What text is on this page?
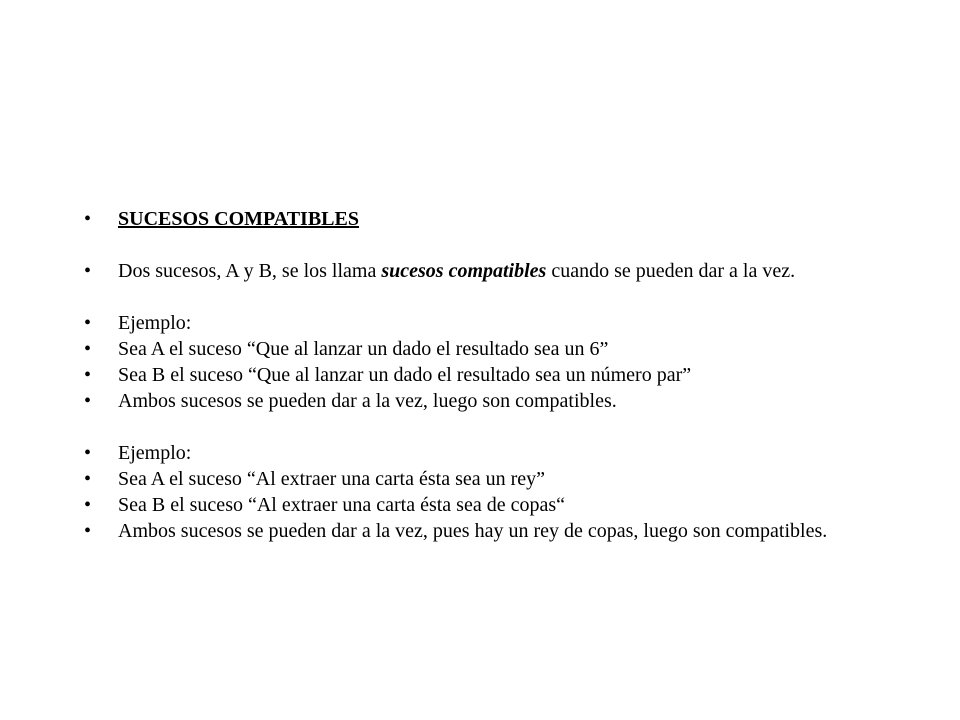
•	SUCESOS COMPATIBLES
•	Dos sucesos, A y B, se los llama sucesos compatibles cuando se pueden dar a la vez.
•	Ejemplo:
•	Sea A el suceso “Que al lanzar un dado el resultado sea un 6”
•	Sea B el suceso “Que al lanzar un dado el resultado sea un número par”
•	Ambos sucesos se pueden dar a la vez, luego son compatibles.
•	Ejemplo:
•	Sea A el suceso “Al extraer una carta ésta sea un rey”
•	Sea B el suceso “Al extraer una carta ésta sea de copas“
•	Ambos sucesos se pueden dar a la vez, pues hay un rey de copas, luego son compatibles.
